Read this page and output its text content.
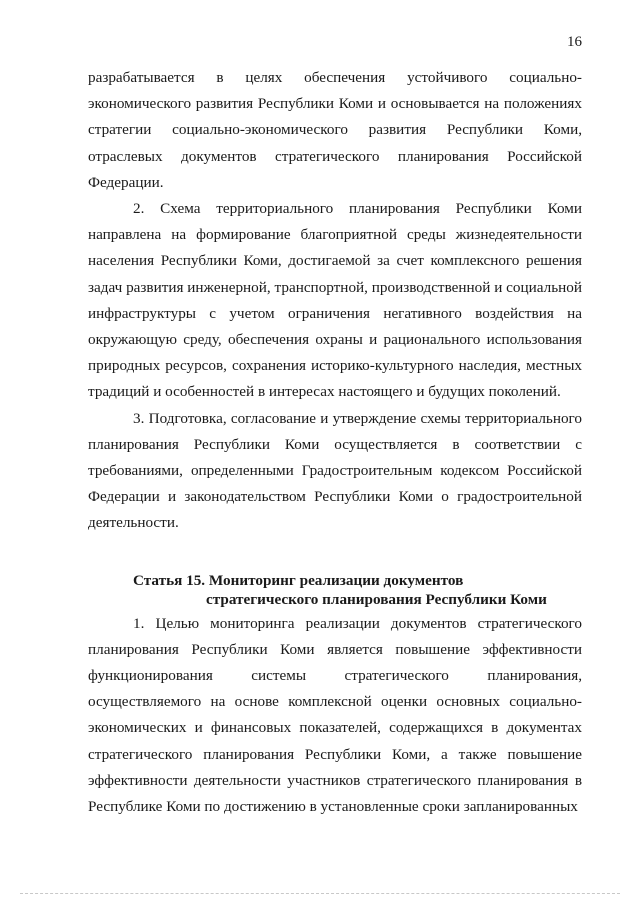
16

разрабатывается в целях обеспечения устойчивого социально-экономического развития Республики Коми и основывается на положениях стратегии социально-экономического развития Республики Коми, отраслевых документов стратегического планирования Российской Федерации.

2. Схема территориального планирования Республики Коми направлена на формирование благоприятной среды жизнедеятельности населения Республики Коми, достигаемой за счет комплексного решения задач развития инженерной, транспортной, производственной и социальной инфраструктуры с учетом ограничения негативного воздействия на окружающую среду, обеспечения охраны и рационального использования природных ресурсов, сохранения историко-культурного наследия, местных традиций и особенностей в интересах настоящего и будущих поколений.

3. Подготовка, согласование и утверждение схемы территориального планирования Республики Коми осуществляется в соответствии с требованиями, определенными Градостроительным кодексом Российской Федерации и законодательством Республики Коми о градостроительной деятельности.

Статья 15. Мониторинг реализации документов
стратегического планирования Республики Коми

1. Целью мониторинга реализации документов стратегического планирования Республики Коми является повышение эффективности функционирования системы стратегического планирования, осуществляемого на основе комплексной оценки основных социально-экономических и финансовых показателей, содержащихся в документах стратегического планирования Республики Коми, а также повышение эффективности деятельности участников стратегического планирования в Республике Коми по достижению в установленные сроки запланированных
